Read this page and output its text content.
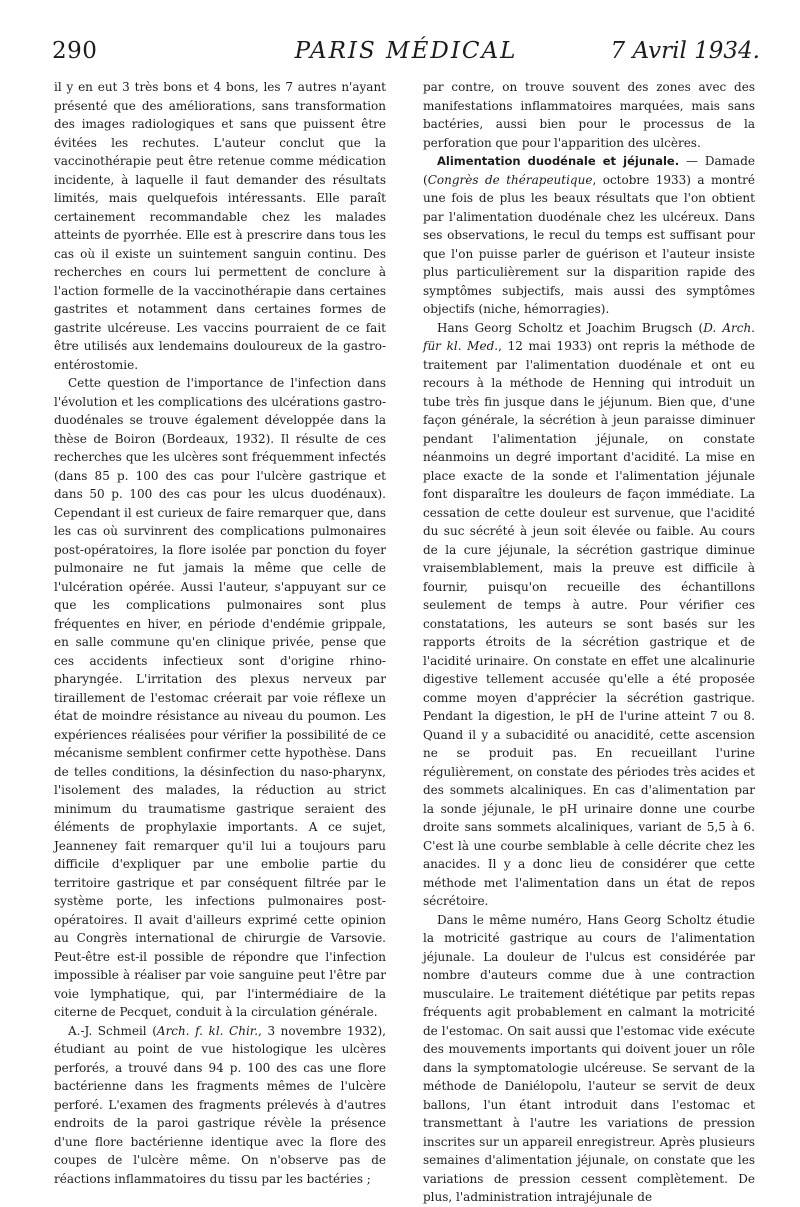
290	PARIS MÉDICAL	7 Avril 1934.

il y en eut 3 très bons et 4 bons, les 7 autres n'ayant présenté que des améliorations, sans transformation des images radiologiques et sans que puissent être évitées les rechutes. L'auteur conclut que la vaccinothérapie peut être retenue comme médication incidente, à laquelle il faut demander des résultats limités, mais quelquefois intéressants. Elle paraît certainement recommandable chez les malades atteints de pyorrhée. Elle est à prescrire dans tous les cas où il existe un suintement sanguin continu. Des recherches en cours lui permettent de conclure à l'action formelle de la vaccinothérapie dans certaines gastrites et notamment dans certaines formes de gastrite ulcéreuse. Les vaccins pourraient de ce fait être utilisés aux lendemains douloureux de la gastro-entérostomie.

Cette question de l'importance de l'infection dans l'évolution et les complications des ulcérations gastro-duodénales se trouve également développée dans la thèse de Boiron (Bordeaux, 1932). Il résulte de ces recherches que les ulcères sont fréquemment infectés (dans 85 p. 100 des cas pour l'ulcère gastrique et dans 50 p. 100 des cas pour les ulcus duodénaux). Cependant il est curieux de faire remarquer que, dans les cas où survinrent des complications pulmonaires post-opératoires, la flore isolée par ponction du foyer pulmonaire ne fut jamais la même que celle de l'ulcération opérée. Aussi l'auteur, s'appuyant sur ce que les complications pulmonaires sont plus fréquentes en hiver, en période d'endémie grippale, en salle commune qu'en clinique privée, pense que ces accidents infectieux sont d'origine rhino-pharyngée. L'irritation des plexus nerveux par tiraillement de l'estomac créerait par voie réflexe un état de moindre résistance au niveau du poumon. Les expériences réalisées pour vérifier la possibilité de ce mécanisme semblent confirmer cette hypothèse. Dans de telles conditions, la désinfection du naso-pharynx, l'isolement des malades, la réduction au strict minimum du traumatisme gastrique seraient des éléments de prophylaxie importants. A ce sujet, Jeanneney fait remarquer qu'il lui a toujours paru difficile d'expliquer par une embolie partie du territoire gastrique et par conséquent filtrée par le système porte, les infections pulmonaires post-opératoires. Il avait d'ailleurs exprimé cette opinion au Congrès international de chirurgie de Varsovie. Peut-être est-il possible de répondre que l'infection impossible à réaliser par voie sanguine peut l'être par voie lymphatique, qui, par l'intermédiaire de la citerne de Pecquet, conduit à la circulation générale.

A.-J. Schmeil (Arch. f. kl. Chir., 3 novembre 1932), étudiant au point de vue histologique les ulcères perforés, a trouvé dans 94 p. 100 des cas une flore bactérienne dans les fragments mêmes de l'ulcère perforé. L'examen des fragments prélevés à d'autres endroits de la paroi gastrique révèle la présence d'une flore bactérienne identique avec la flore des coupes de l'ulcère même. On n'observe pas de réactions inflammatoires du tissu par les bactéries ;

par contre, on trouve souvent des zones avec des manifestations inflammatoires marquées, mais sans bactéries, aussi bien pour le processus de la perforation que pour l'apparition des ulcères.

Alimentation duodénale et jéjunale. — Damade (Congrès de thérapeutique, octobre 1933) a montré une fois de plus les beaux résultats que l'on obtient par l'alimentation duodénale chez les ulcéreux. Dans ses observations, le recul du temps est suffisant pour que l'on puisse parler de guérison et l'auteur insiste plus particulièrement sur la disparition rapide des symptômes subjectifs, mais aussi des symptômes objectifs (niche, hémorragies).

Hans Georg Scholtz et Joachim Brugsch (D. Arch. für kl. Med., 12 mai 1933) ont repris la méthode de traitement par l'alimentation duodénale et ont eu recours à la méthode de Henning qui introduit un tube très fin jusque dans le jéjunum. Bien que, d'une façon générale, la sécrétion à jeun paraisse diminuer pendant l'alimentation jéjunale, on constate néanmoins un degré important d'acidité. La mise en place exacte de la sonde et l'alimentation jéjunale font disparaître les douleurs de façon immédiate. La cessation de cette douleur est survenue, que l'acidité du suc sécrété à jeun soit élevée ou faible. Au cours de la cure jéjunale, la sécrétion gastrique diminue vraisemblablement, mais la preuve est difficile à fournir, puisqu'on recueille des échantillons seulement de temps à autre. Pour vérifier ces constatations, les auteurs se sont basés sur les rapports étroits de la sécrétion gastrique et de l'acidité urinaire. On constate en effet une alcalinurie digestive tellement accusée qu'elle a été proposée comme moyen d'apprécier la sécrétion gastrique. Pendant la digestion, le pH de l'urine atteint 7 ou 8. Quand il y a subacidité ou anacidité, cette ascension ne se produit pas. En recueillant l'urine régulièrement, on constate des périodes très acides et des sommets alcaliniques. En cas d'alimentation par la sonde jéjunale, le pH urinaire donne une courbe droite sans sommets alcaliniques, variant de 5,5 à 6. C'est là une courbe semblable à celle décrite chez les anacides. Il y a donc lieu de considérer que cette méthode met l'alimentation dans un état de repos sécrétoire.

Dans le même numéro, Hans Georg Scholtz étudie la motricité gastrique au cours de l'alimentation jéjunale. La douleur de l'ulcus est considérée par nombre d'auteurs comme due à une contraction musculaire. Le traitement diététique par petits repas fréquents agit probablement en calmant la motricité de l'estomac. On sait aussi que l'estomac vide exécute des mouvements importants qui doivent jouer un rôle dans la symptomatologie ulcéreuse. Se servant de la méthode de Daniélopolu, l'auteur se servit de deux ballons, l'un étant introduit dans l'estomac et transmettant à l'autre les variations de pression inscrites sur un appareil enregistreur. Après plusieurs semaines d'alimentation jéjunale, on constate que les variations de pression cessent complètement. De plus, l'administration intrajéjunale de
